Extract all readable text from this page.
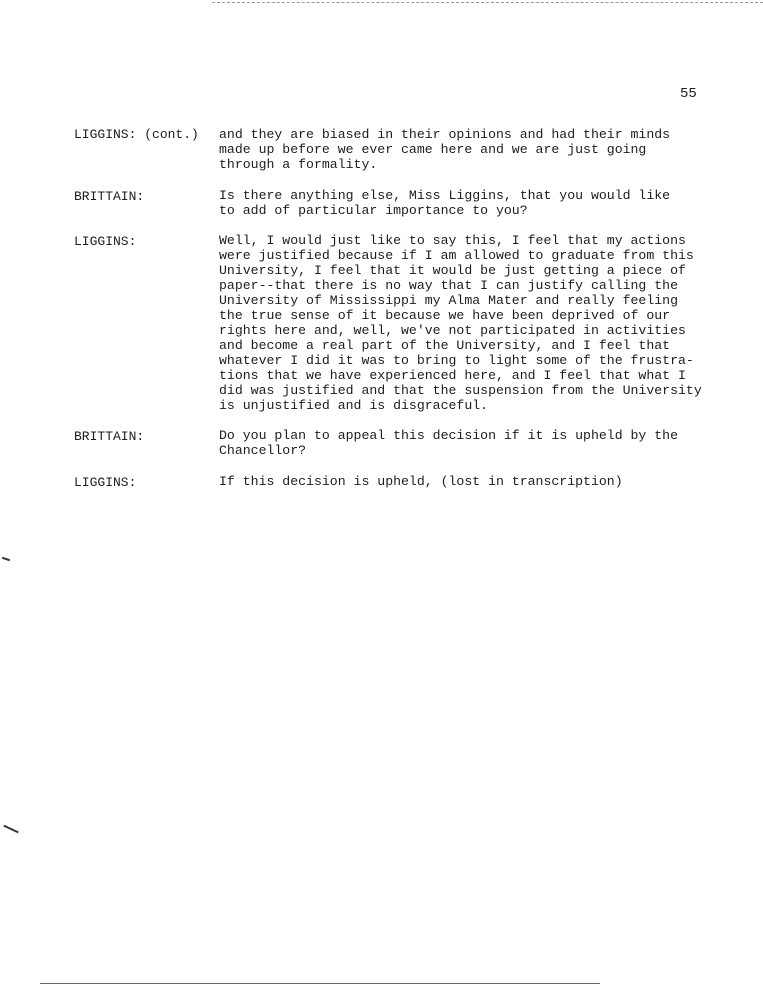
55
LIGGINS: (cont.) and they are biased in their opinions and had their minds
made up before we ever came here and we are just going
through a formality.
BRITTAIN:	Is there anything else, Miss Liggins, that you would like
to add of particular importance to you?
LIGGINS:	Well, I would just like to say this, I feel that my actions
were justified because if I am allowed to graduate from this
University, I feel that it would be just getting a piece of
paper--that there is no way that I can justify calling the
University of Mississippi my Alma Mater and really feeling
the true sense of it because we have been deprived of our
rights here and, well, we've not participated in activities
and become a real part of the University, and I feel that
whatever I did it was to bring to light some of the frustra-
tions that we have experienced here, and I feel that what I
did was justified and that the suspension from the University
is unjustified and is disgraceful.
BRITTAIN:	Do you plan to appeal this decision if it is upheld by the
Chancellor?
LIGGINS:	If this decision is upheld, (lost in transcription)
